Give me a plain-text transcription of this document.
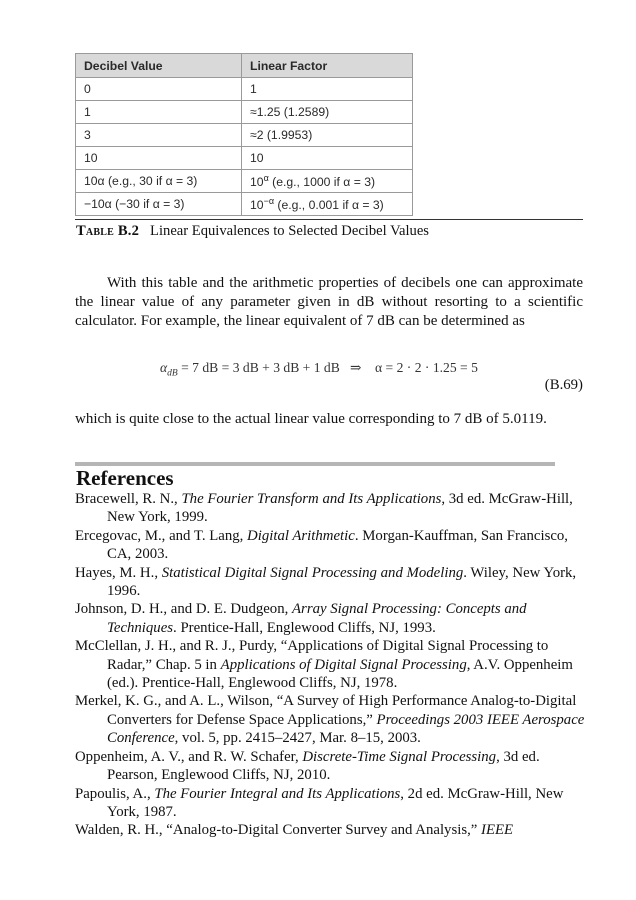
Decibel Value	Linear Factor
0	1
1	≈1.25 (1.2589)
3	≈2 (1.9953)
10	10
10α (e.g., 30 if α = 3)	$10^\alpha$ (e.g., 1000 if α = 3)
−10α (−30 if α = 3)	$10^{-\alpha}$ (e.g., 0.001 if α = 3)
Table B.2 Linear Equivalences to Selected Decibel Values

With this table and the arithmetic properties of decibels one can approximate the linear value of any parameter given in dB without resorting to a scientific calculator. For example, the linear equivalent of 7 dB can be determined as

$\alpha_{dB} = 7$ dB = 3 dB + 3 dB + 1 dB ⇒ α = 2 · 2 · 1.25 = 5
(B.69)

which is quite close to the actual linear value corresponding to 7 dB of 5.0119.

References
Bracewell, R. N., The Fourier Transform and Its Applications, 3d ed. McGraw-Hill, New York, 1999.
Ercegovac, M., and T. Lang, Digital Arithmetic. Morgan-Kauffman, San Francisco, CA, 2003.
Hayes, M. H., Statistical Digital Signal Processing and Modeling. Wiley, New York, 1996.
Johnson, D. H., and D. E. Dudgeon, Array Signal Processing: Concepts and Techniques. Prentice-Hall, Englewood Cliffs, NJ, 1993.
McClellan, J. H., and R. J., Purdy, “Applications of Digital Signal Processing to Radar,” Chap. 5 in Applications of Digital Signal Processing, A.V. Oppenheim (ed.). Prentice-Hall, Englewood Cliffs, NJ, 1978.
Merkel, K. G., and A. L., Wilson, “A Survey of High Performance Analog-to-Digital Converters for Defense Space Applications,” Proceedings 2003 IEEE Aerospace Conference, vol. 5, pp. 2415–2427, Mar. 8–15, 2003.
Oppenheim, A. V., and R. W. Schafer, Discrete-Time Signal Processing, 3d ed. Pearson, Englewood Cliffs, NJ, 2010.
Papoulis, A., The Fourier Integral and Its Applications, 2d ed. McGraw-Hill, New York, 1987.
Walden, R. H., “Analog-to-Digital Converter Survey and Analysis,” IEEE
